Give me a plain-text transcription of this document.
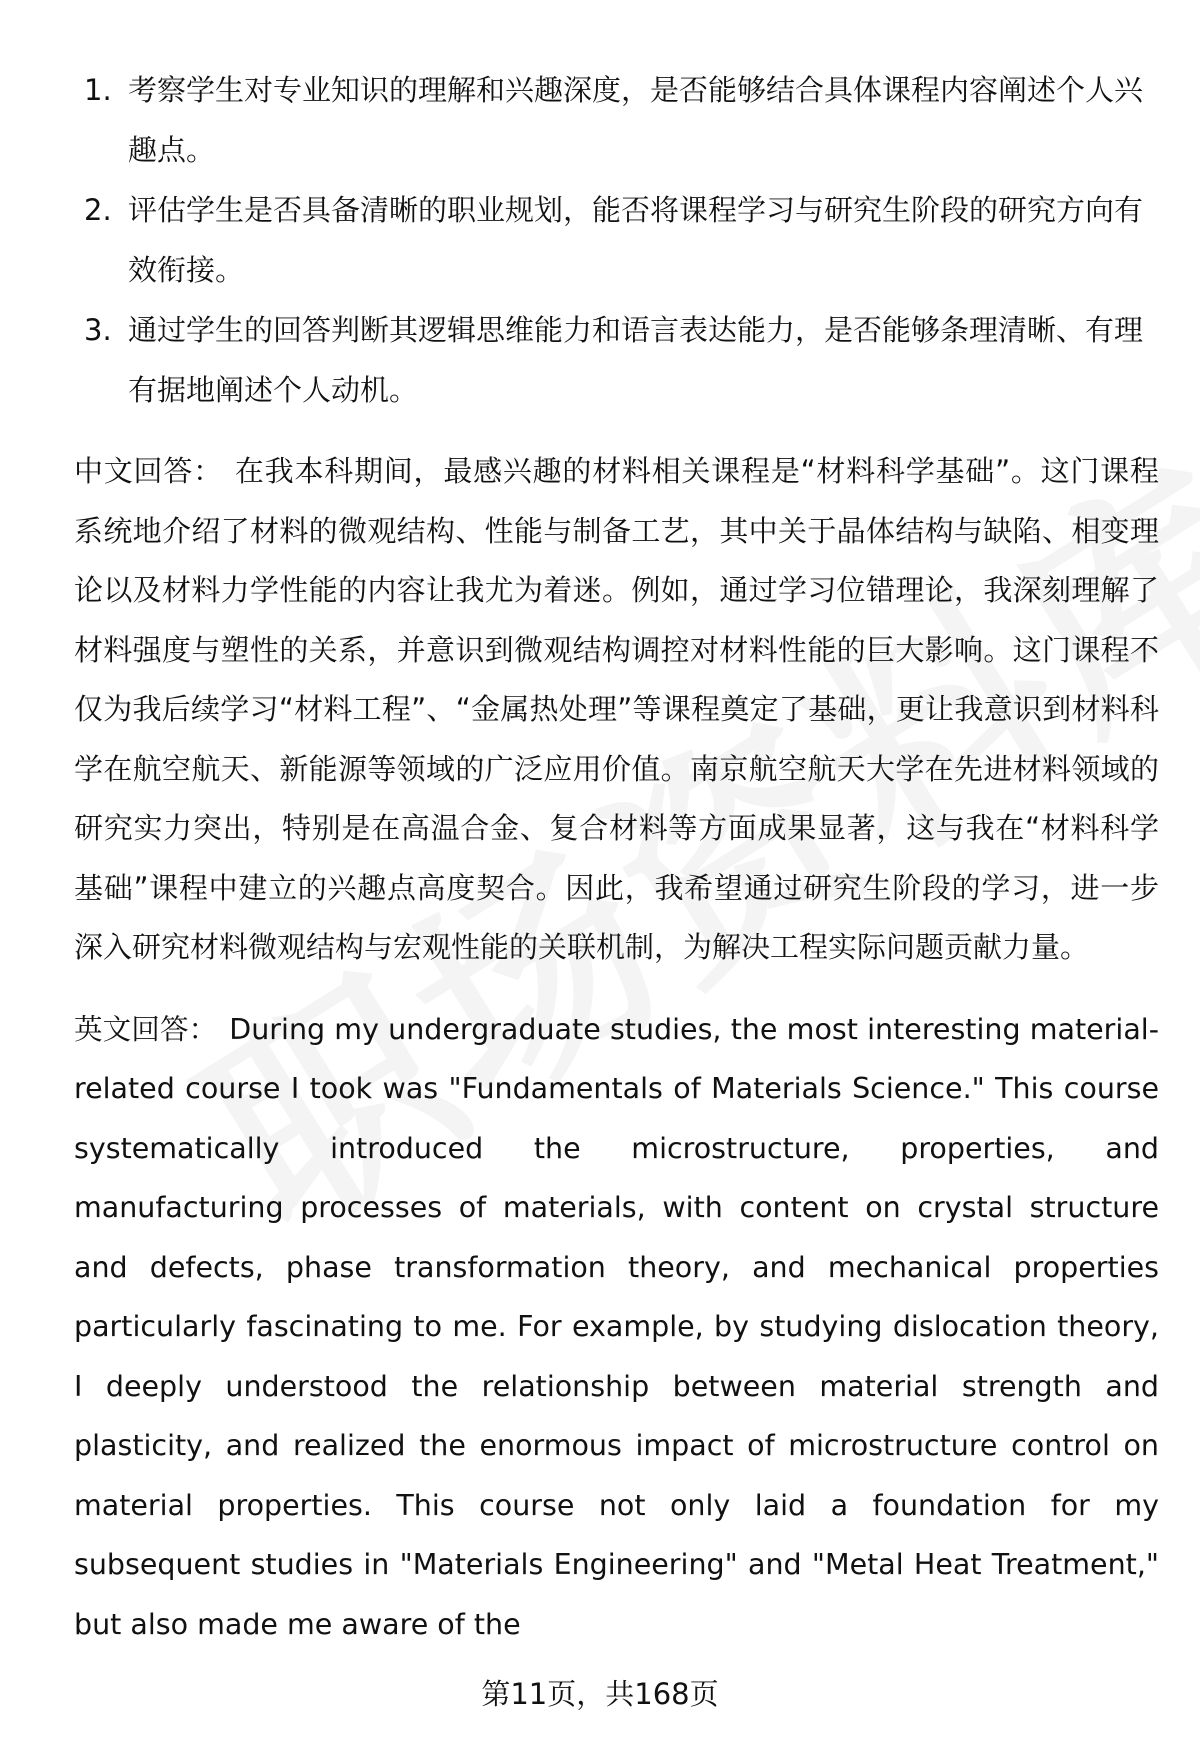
1. 考察学生对专业知识的理解和兴趣深度，是否能够结合具体课程内容阐述个人兴趣点。
2. 评估学生是否具备清晰的职业规划，能否将课程学习与研究生阶段的研究方向有效衔接。
3. 通过学生的回答判断其逻辑思维能力和语言表达能力，是否能够条理清晰、有理有据地阐述个人动机。

中文回答： 在我本科期间，最感兴趣的材料相关课程是“材料科学基础”。这门课程系统地介绍了材料的微观结构、性能与制备工艺，其中关于晶体结构与缺陷、相变理论以及材料力学性能的内容让我尤为着迷。例如，通过学习位错理论，我深刻理解了材料强度与塑性的关系，并意识到微观结构调控对材料性能的巨大影响。这门课程不仅为我后续学习“材料工程”、“金属热处理”等课程奠定了基础，更让我意识到材料科学在航空航天、新能源等领域的广泛应用价值。南京航空航天大学在先进材料领域的研究实力突出，特别是在高温合金、复合材料等方面成果显著，这与我在“材料科学基础”课程中建立的兴趣点高度契合。因此，我希望通过研究生阶段的学习，进一步深入研究材料微观结构与宏观性能的关联机制，为解决工程实际问题贡献力量。

英文回答： During my undergraduate studies, the most interesting material-related course I took was "Fundamentals of Materials Science." This course systematically introduced the microstructure, properties, and manufacturing processes of materials, with content on crystal structure and defects, phase transformation theory, and mechanical properties particularly fascinating to me. For example, by studying dislocation theory, I deeply understood the relationship between material strength and plasticity, and realized the enormous impact of microstructure control on material properties. This course not only laid a foundation for my subsequent studies in "Materials Engineering" and "Metal Heat Treatment," but also made me aware of the

第11页，共168页
